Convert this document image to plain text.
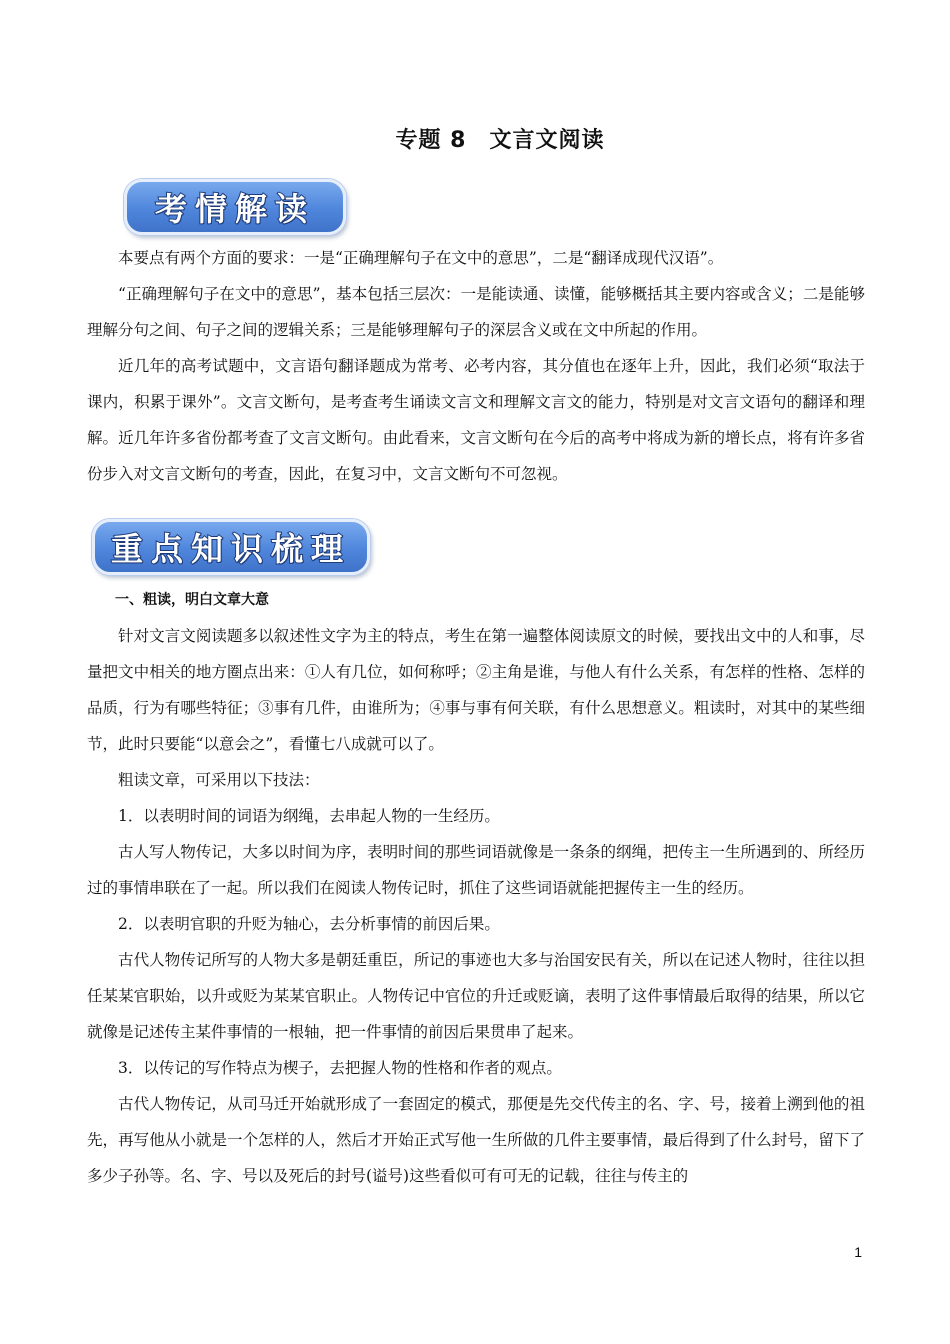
专题 8　文言文阅读
考情解读

本要点有两个方面的要求：一是“正确理解句子在文中的意思”，二是“翻译成现代汉语”。

“正确理解句子在文中的意思”，基本包括三层次：一是能读通、读懂，能够概括其主要内容或含义；二是能够理解分句之间、句子之间的逻辑关系；三是能够理解句子的深层含义或在文中所起的作用。

近几年的高考试题中，文言语句翻译题成为常考、必考内容，其分值也在逐年上升，因此，我们必须“取法于课内，积累于课外”。文言文断句，是考查考生诵读文言文和理解文言文的能力，特别是对文言文语句的翻译和理解。近几年许多省份都考查了文言文断句。由此看来，文言文断句在今后的高考中将成为新的增长点，将有许多省份步入对文言文断句的考查，因此，在复习中，文言文断句不可忽视。

重点知识梳理

一、粗读，明白文章大意

针对文言文阅读题多以叙述性文字为主的特点，考生在第一遍整体阅读原文的时候，要找出文中的人和事，尽量把文中相关的地方圈点出来：①人有几位，如何称呼；②主角是谁，与他人有什么关系，有怎样的性格、怎样的品质，行为有哪些特征；③事有几件，由谁所为；④事与事有何关联，有什么思想意义。粗读时，对其中的某些细节，此时只要能“以意会之”，看懂七八成就可以了。

粗读文章，可采用以下技法：

1．以表明时间的词语为纲绳，去串起人物的一生经历。

古人写人物传记，大多以时间为序，表明时间的那些词语就像是一条条的纲绳，把传主一生所遇到的、所经历过的事情串联在了一起。所以我们在阅读人物传记时，抓住了这些词语就能把握传主一生的经历。

2．以表明官职的升贬为轴心，去分析事情的前因后果。

古代人物传记所写的人物大多是朝廷重臣，所记的事迹也大多与治国安民有关，所以在记述人物时，往往以担任某某官职始，以升或贬为某某官职止。人物传记中官位的升迁或贬谪，表明了这件事情最后取得的结果，所以它就像是记述传主某件事情的一根轴，把一件事情的前因后果贯串了起来。

3．以传记的写作特点为楔子，去把握人物的性格和作者的观点。

古代人物传记，从司马迁开始就形成了一套固定的模式，那便是先交代传主的名、字、号，接着上溯到他的祖先，再写他从小就是一个怎样的人，然后才开始正式写他一生所做的几件主要事情，最后得到了什么封号，留下了多少子孙等。名、字、号以及死后的封号(谥号)这些看似可有可无的记载，往往与传主的

1
